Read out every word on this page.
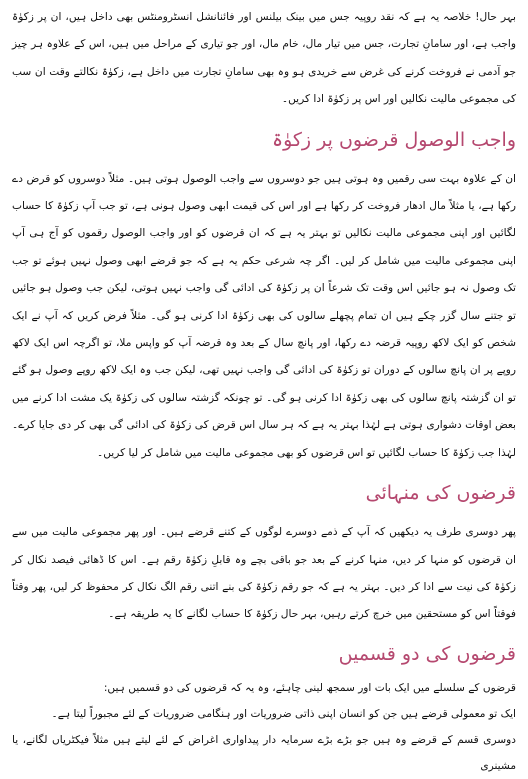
بہر حال! خلاصہ یہ ہے کہ نقد روپیہ جس میں بینک بیلنس اور فائنانشل انسٹرومنٹس بھی داخل ہیں، ان پر زکوٰۃ واجب ہے، اور سامانِ تجارت، جس میں تیار مال، خام مال، اور جو تیاری کے مراحل میں ہیں، اس کے علاوہ ہر چیز جو آدمی نے فروخت کرنے کی غرض سے خریدی ہو وہ بھی سامانِ تجارت میں داخل ہے، زکوٰۃ نکالتے وقت ان سب کی مجموعی مالیت نکالیں اور اس پر زکوٰۃ ادا کریں۔

واجب الوصول قرضوں پر زکوٰۃ

ان کے علاوہ بہت سی رقمیں وہ ہوتی ہیں جو دوسروں سے واجب الوصول ہوتی ہیں۔ مثلاً دوسروں کو قرض دے رکھا ہے، یا مثلاً مال ادھار فروخت کر رکھا ہے اور اس کی قیمت ابھی وصول ہونی ہے، تو جب آپ زکوٰۃ کا حساب لگائیں اور اپنی مجموعی مالیت نکالیں تو بہتر یہ ہے کہ ان قرضوں کو اور واجب الوصول رقموں کو آج ہی آپ اپنی مجموعی مالیت میں شامل کر لیں۔ اگر چہ شرعی حکم یہ ہے کہ جو قرضے ابھی وصول نہیں ہوئے تو جب تک وصول نہ ہو جائیں اس وقت تک شرعاً ان پر زکوٰۃ کی ادائی گی واجب نہیں ہوتی، لیکن جب وصول ہو جائیں تو جتنے سال گزر چکے ہیں ان تمام پچھلے سالوں کی بھی زکوٰۃ ادا کرنی ہو گی۔ مثلاً فرض کریں کہ آپ نے ایک شخص کو ایک لاکھ روپیہ قرضہ دے رکھا، اور پانچ سال کے بعد وہ قرضہ آپ کو واپس ملا، تو اگرچہ اس ایک لاکھ روپے پر ان پانچ سالوں کے دوران تو زکوٰۃ کی ادائی گی واجب نہیں تھی، لیکن جب وہ ایک لاکھ روپے وصول ہو گئے تو ان گزشتہ پانچ سالوں کی بھی زکوٰۃ ادا کرنی ہو گی۔ تو چونکہ گزشتہ سالوں کی زکوٰۃ یک مشت ادا کرنے میں بعض اوقات دشواری ہوتی ہے لہٰذا بہتر یہ ہے کہ ہر سال اس قرض کی زکوٰۃ کی ادائی گی بھی کر دی جایا کرے۔ لہٰذا جب زکوٰۃ کا حساب لگائیں تو اس قرضوں کو بھی مجموعی مالیت میں شامل کر لیا کریں۔

قرضوں کی منہائی

پھر دوسری طرف یہ دیکھیں کہ آپ کے ذمے دوسرے لوگوں کے کتنے قرضے ہیں۔ اور پھر مجموعی مالیت میں سے ان قرضوں کو منہا کر دیں، منہا کرنے کے بعد جو باقی بچے وہ قابلِ زکوٰۃ رقم ہے۔ اس کا ڈھائی فیصد نکال کر زکوٰۃ کی نیت سے ادا کر دیں۔ بہتر یہ ہے کہ جو رقم زکوٰۃ کی بنے اتنی رقم الگ نکال کر محفوظ کر لیں، پھر وقتاً فوقتاً اس کو مستحقین میں خرچ کرتے رہیں، بہر حال زکوٰۃ کا حساب لگانے کا یہ طریقہ ہے۔

قرضوں کی دو قسمیں

قرضوں کے سلسلے میں ایک بات اور سمجھ لینی چاہئے، وہ یہ کہ قرضوں کی دو قسمیں ہیں:

ایک تو معمولی قرضے ہیں جن کو انسان اپنی ذاتی ضروریات اور ہنگامی ضروریات کے لئے مجبوراً لیتا ہے۔

دوسری قسم کے قرضے وہ ہیں جو بڑے بڑے سرمایہ دار پیداواری اغراض کے لئے لیتے ہیں مثلاً فیکٹریاں لگانے، یا مشینری
